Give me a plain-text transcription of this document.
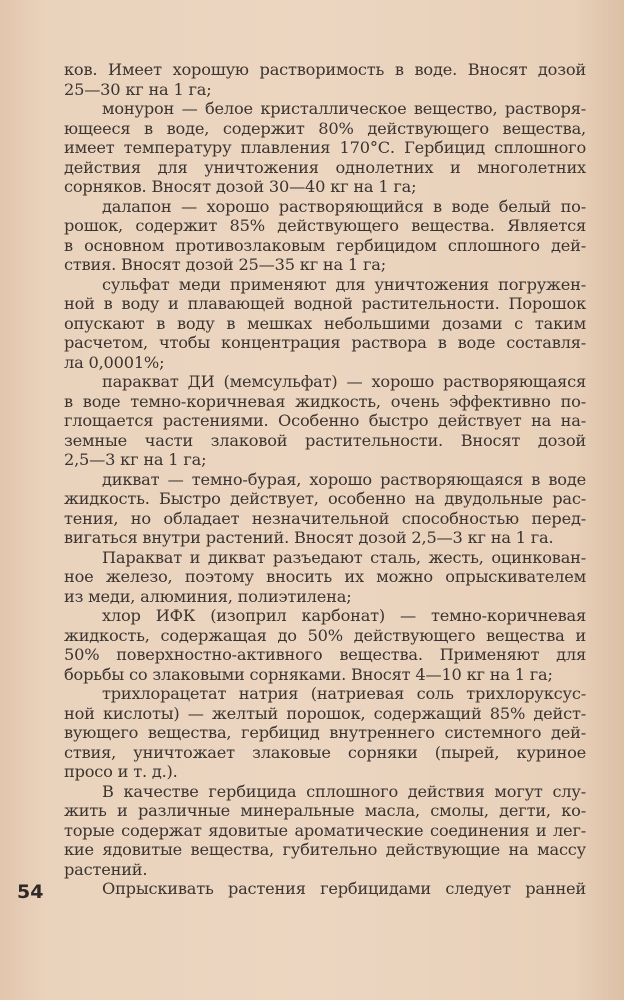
ков. Имеет хорошую растворимость в воде. Вносят дозой
25—30 кг на 1 га;
монурон — белое кристаллическое вещество, растворя-
ющееся в воде, содержит 80% действующего вещества,
имеет температуру плавления 170°С. Гербицид сплошного
действия для уничтожения однолетних и многолетних
сорняков. Вносят дозой 30—40 кг на 1 га;
далапон — хорошо растворяющийся в воде белый по-
рошок, содержит 85% действующего вещества. Является
в основном противозлаковым гербицидом сплошного дей-
ствия. Вносят дозой 25—35 кг на 1 га;
сульфат меди применяют для уничтожения погружен-
ной в воду и плавающей водной растительности. Порошок
опускают в воду в мешках небольшими дозами с таким
расчетом, чтобы концентрация раствора в воде составля-
ла 0,0001%;
паракват ДИ (мемсульфат) — хорошо растворяющаяся
в воде темно-коричневая жидкость, очень эффективно по-
глощается растениями. Особенно быстро действует на на-
земные части злаковой растительности. Вносят дозой
2,5—3 кг на 1 га;
дикват — темно-бурая, хорошо растворяющаяся в воде
жидкость. Быстро действует, особенно на двудольные рас-
тения, но обладает незначительной способностью перед-
вигаться внутри растений. Вносят дозой 2,5—3 кг на 1 га.
Паракват и дикват разъедают сталь, жесть, оцинкован-
ное железо, поэтому вносить их можно опрыскивателем
из меди, алюминия, полиэтилена;
хлор ИФК (изоприл карбонат) — темно-коричневая
жидкость, содержащая до 50% действующего вещества и
50% поверхностно-активного вещества. Применяют для
борьбы со злаковыми сорняками. Вносят 4—10 кг на 1 га;
трихлорацетат натрия (натриевая соль трихлоруксус-
ной кислоты) — желтый порошок, содержащий 85% дейст-
вующего вещества, гербицид внутреннего системного дей-
ствия, уничтожает злаковые сорняки (пырей, куриное
просо и т. д.).
В качестве гербицида сплошного действия могут слу-
жить и различные минеральные масла, смолы, дегти, ко-
торые содержат ядовитые ароматические соединения и лег-
кие ядовитые вещества, губительно действующие на массу
растений.
Опрыскивать растения гербицидами следует ранней
54
